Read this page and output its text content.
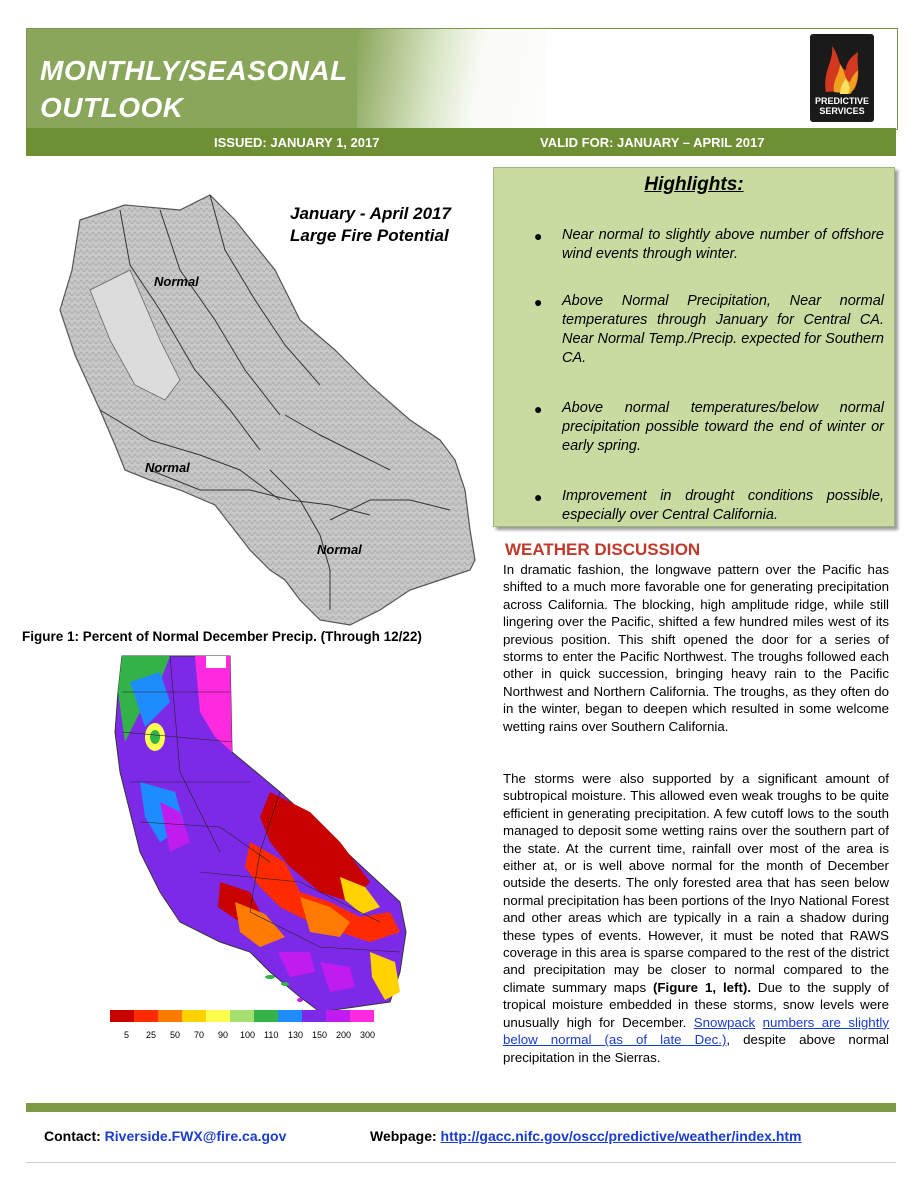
MONTHLY/SEASONAL
OUTLOOK	PREDICTIVE
SERVICES
ISSUED: JANUARY 1, 2017	VALID FOR: JANUARY – APRIL 2017
Normal
Normal
Normal
January - April 2017
Large Fire Potential
Highlights:
● Near normal to slightly above number of offshore wind events through winter.
● Above Normal Precipitation, Near normal temperatures through January for Central CA. Near Normal Temp./Precip. expected for Southern CA.
● Above normal temperatures/below normal precipitation possible toward the end of winter or early spring.
● Improvement in drought conditions possible, especially over Central California.
Figure 1: Percent of Normal December Precip. (Through 12/22)
5 25 50 70 90 100 110 130 150 200 300
WEATHER DISCUSSION
In dramatic fashion, the longwave pattern over the Pacific has shifted to a much more favorable one for generating precipitation across California. The blocking, high amplitude ridge, while still lingering over the Pacific, shifted a few hundred miles west of its previous position. This shift opened the door for a series of storms to enter the Pacific Northwest. The troughs followed each other in quick succession, bringing heavy rain to the Pacific Northwest and Northern California. The troughs, as they often do in the winter, began to deepen which resulted in some welcome wetting rains over Southern California.
The storms were also supported by a significant amount of subtropical moisture. This allowed even weak troughs to be quite efficient in generating precipitation. A few cutoff lows to the south managed to deposit some wetting rains over the southern part of the state. At the current time, rainfall over most of the area is either at, or is well above normal for the month of December outside the deserts. The only forested area that has seen below normal precipitation has been portions of the Inyo National Forest and other areas which are typically in a rain a shadow during these types of events. However, it must be noted that RAWS coverage in this area is sparse compared to the rest of the district and precipitation may be closer to normal compared to the climate summary maps (Figure 1, left). Due to the supply of tropical moisture embedded in these storms, snow levels were unusually high for December. Snowpack numbers are slightly below normal (as of late Dec.), despite above normal precipitation in the Sierras.
Contact: Riverside.FWX@fire.ca.gov	Webpage: http://gacc.nifc.gov/oscc/predictive/weather/index.htm
